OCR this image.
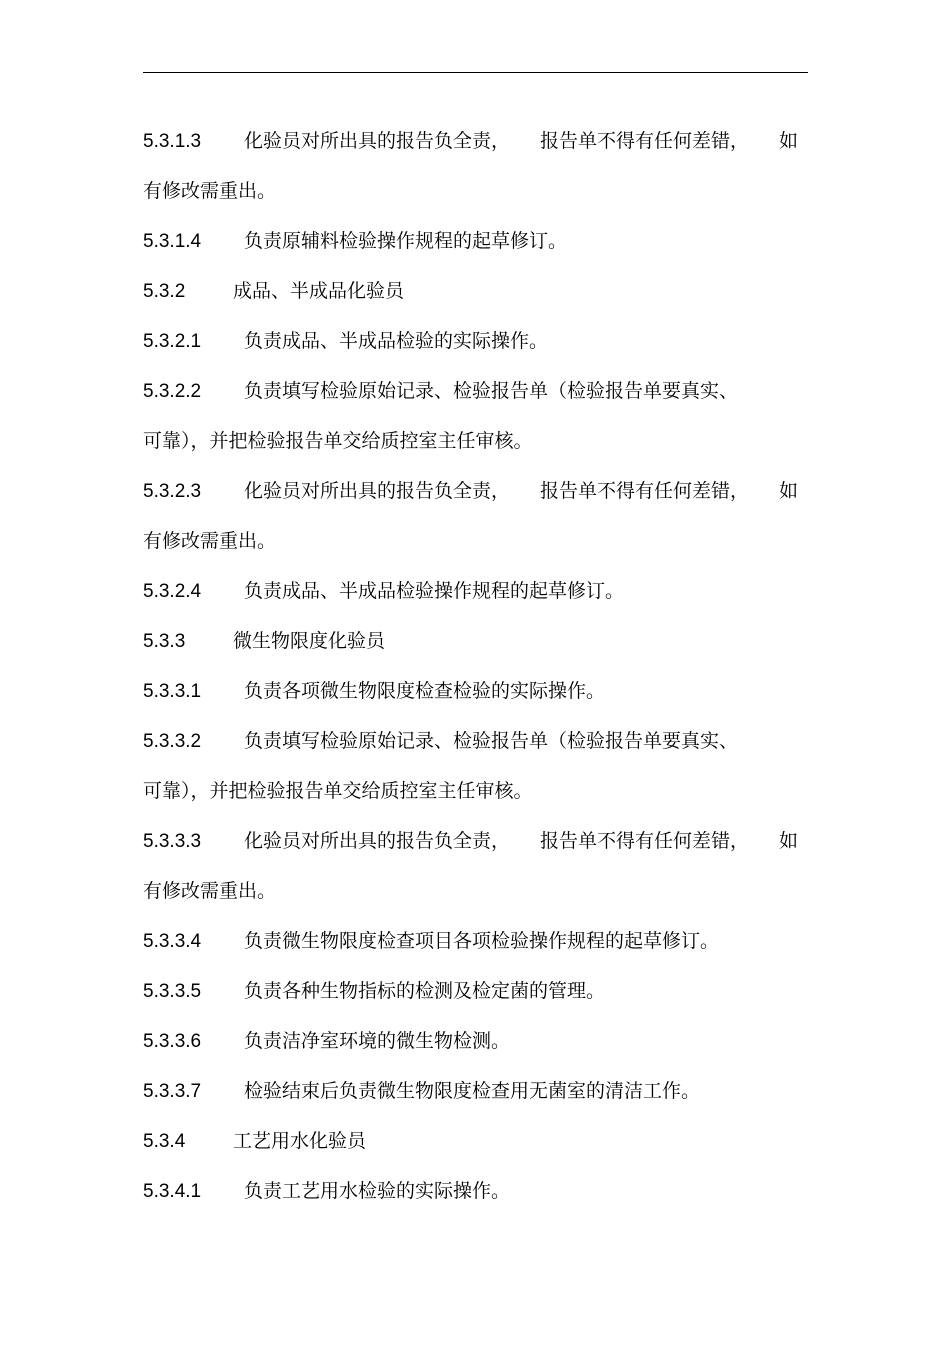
5.3.1.3 化验员对所出具的报告负全责， 报告单不得有任何差错， 如
有修改需重出。
5.3.1.4 负责原辅料检验操作规程的起草修订。
5.3.2	成品、半成品化验员
5.3.2.1 负责成品、半成品检验的实际操作。
5.3.2.2 负责填写检验原始记录、检验报告单（检验报告单要真实、
可靠），并把检验报告单交给质控室主任审核。
5.3.2.3 化验员对所出具的报告负全责， 报告单不得有任何差错， 如
有修改需重出。
5.3.2.4 负责成品、半成品检验操作规程的起草修订。
5.3.3	微生物限度化验员
5.3.3.1 负责各项微生物限度检查检验的实际操作。
5.3.3.2 负责填写检验原始记录、检验报告单（检验报告单要真实、
可靠），并把检验报告单交给质控室主任审核。
5.3.3.3 化验员对所出具的报告负全责， 报告单不得有任何差错， 如
有修改需重出。
5.3.3.4 负责微生物限度检查项目各项检验操作规程的起草修订。
5.3.3.5 负责各种生物指标的检测及检定菌的管理。
5.3.3.6 负责洁净室环境的微生物检测。
5.3.3.7 检验结束后负责微生物限度检查用无菌室的清洁工作。
5.3.4	工艺用水化验员
5.3.4.1 负责工艺用水检验的实际操作。
